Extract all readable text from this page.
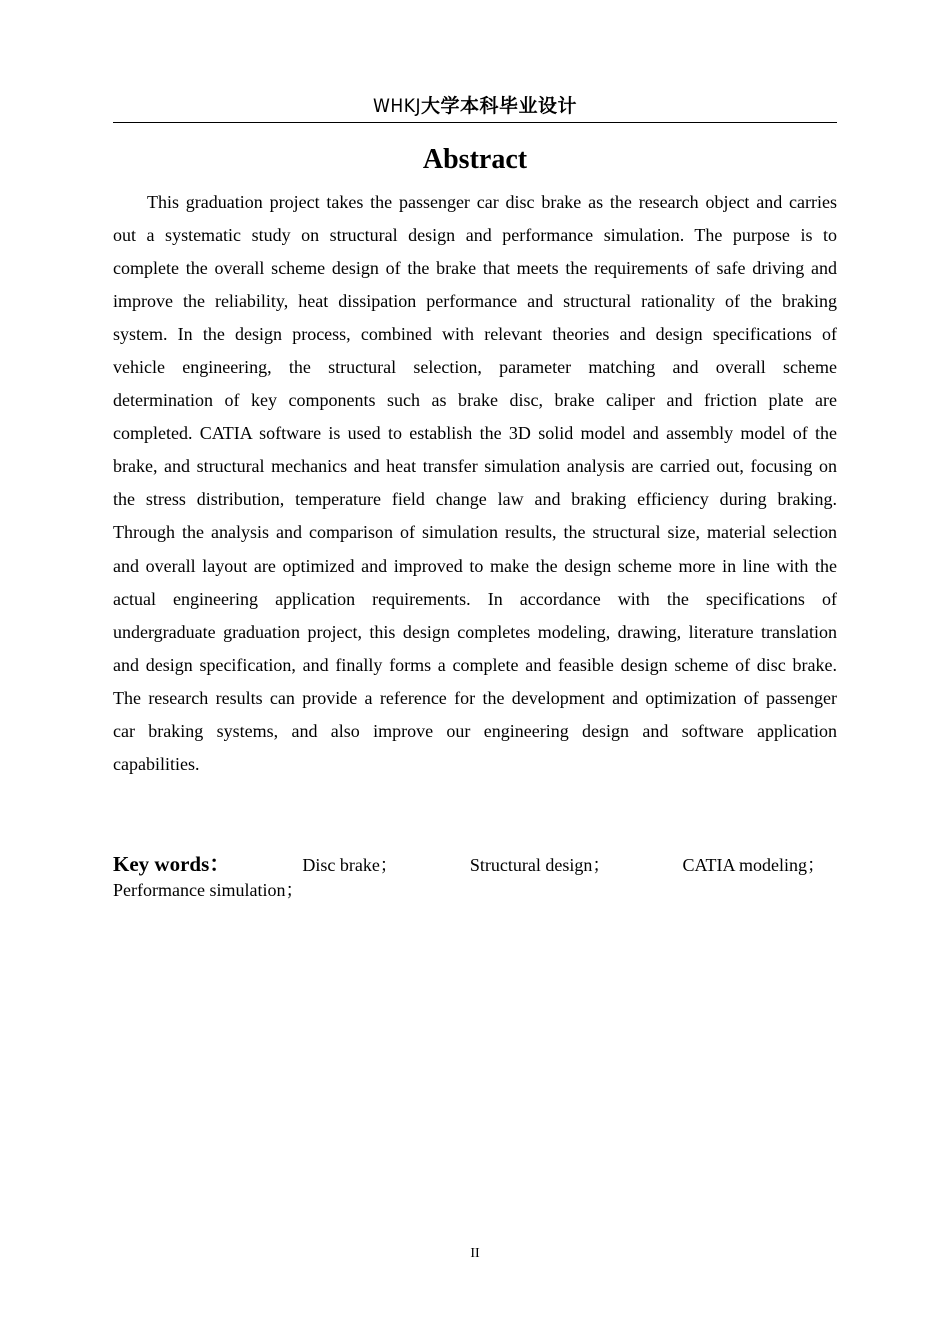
WHKJ大学本科毕业设计
Abstract

This graduation project takes the passenger car disc brake as the research object and carries out a systematic study on structural design and performance simulation. The purpose is to complete the overall scheme design of the brake that meets the requirements of safe driving and improve the reliability, heat dissipation performance and structural rationality of the braking system. In the design process, combined with relevant theories and design specifications of vehicle engineering, the structural selection, parameter matching and overall scheme determination of key components such as brake disc, brake caliper and friction plate are completed. CATIA software is used to establish the 3D solid model and assembly model of the brake, and structural mechanics and heat transfer simulation analysis are carried out, focusing on the stress distribution, temperature field change law and braking efficiency during braking. Through the analysis and comparison of simulation results, the structural size, material selection and overall layout are optimized and improved to make the design scheme more in line with the actual engineering application requirements. In accordance with the specifications of undergraduate graduation project, this design completes modeling, drawing, literature translation and design specification, and finally forms a complete and feasible design scheme of disc brake. The research results can provide a reference for the development and optimization of passenger car braking systems, and also improve our engineering design and software application capabilities.

Key words：	Disc brake；	Structural design；	CATIA modeling；
Performance simulation；
II
